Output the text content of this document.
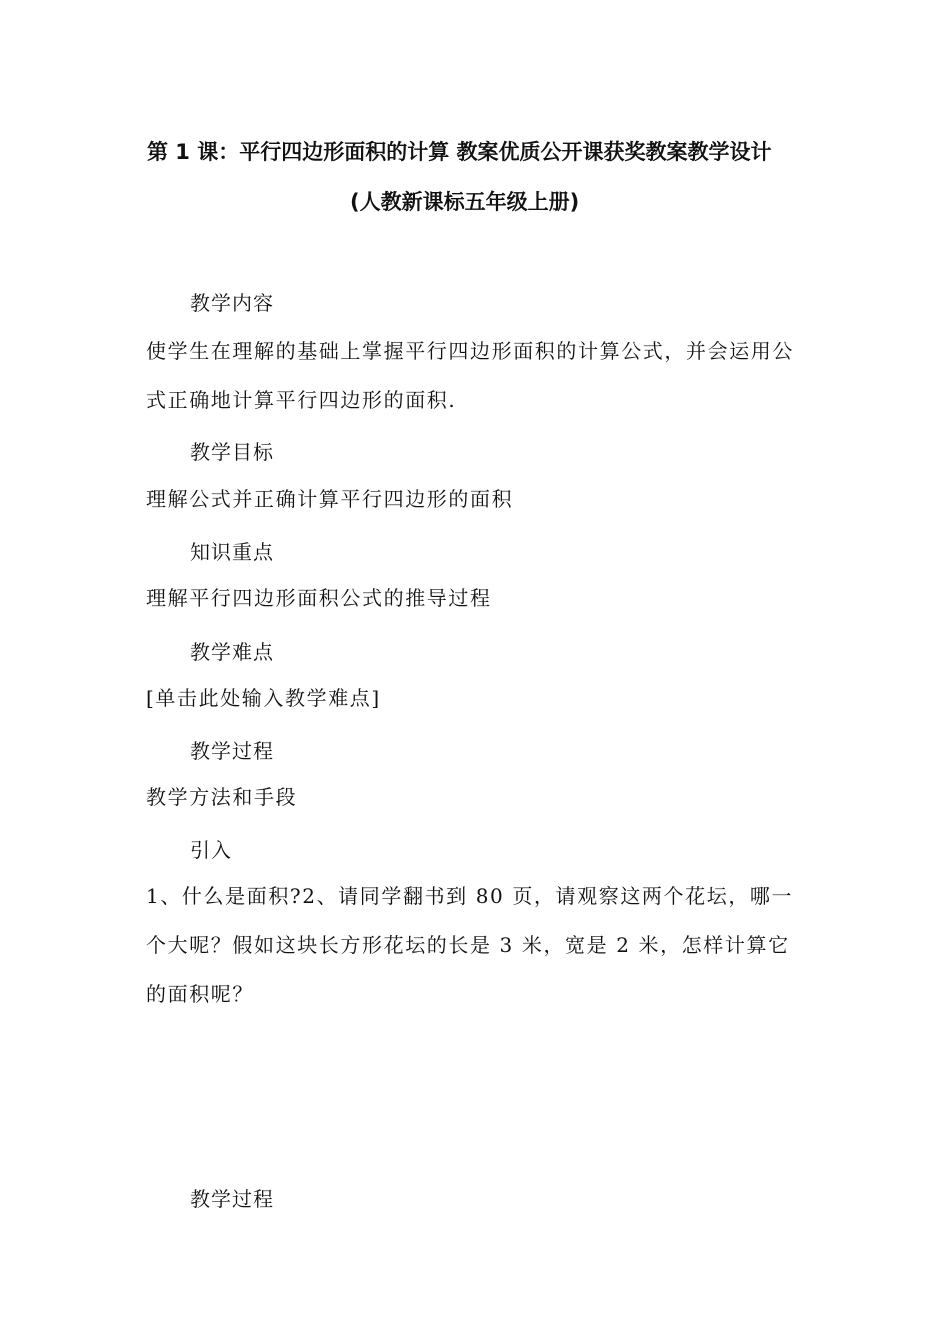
第 1 课：平行四边形面积的计算 教案优质公开课获奖教案教学设计
(人教新课标五年级上册)
教学内容
使学生在理解的基础上掌握平行四边形面积的计算公式，并会运用公式正确地计算平行四边形的面积.
教学目标
理解公式并正确计算平行四边形的面积
知识重点
理解平行四边形面积公式的推导过程
教学难点
[单击此处输入教学难点]
教学过程
教学方法和手段
引入
1、什么是面积?2、请同学翻书到 80 页，请观察这两个花坛，哪一个大呢？假如这块长方形花坛的长是 3 米，宽是 2 米，怎样计算它的面积呢？
教学过程
